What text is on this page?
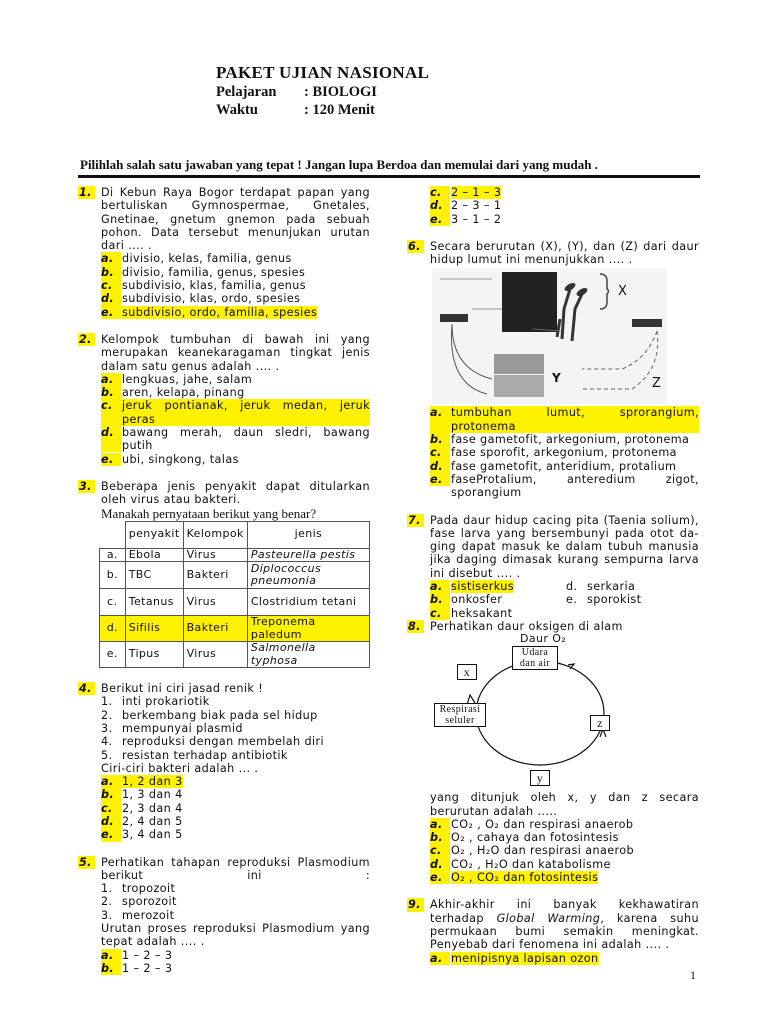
PAKET UJIAN NASIONAL
Pelajaran : BIOLOGI
Waktu	: 120 Menit
Pilihlah salah satu jawaban yang tepat ! Jangan lupa Berdoa dan memulai dari yang mudah .
1. Di Kebun Raya Bogor terdapat papan yang bertuliskan Gymnospermae, Gnetales, Gnetinae, gnetum gnemon pada sebuah pohon. Data tersebut menunjukan urutan dari .... .
a. divisio, kelas, familia, genus
b. divisio, familia, genus, spesies
c. subdivisio, klas, familia, genus
d. subdivisio, klas, ordo, spesies
e. subdivisio, ordo, familia, spesies
2. Kelompok tumbuhan di bawah ini yang merupakan keanekaragaman tingkat jenis dalam satu genus adalah .... .
a. lengkuas, jahe, salam
b. aren, kelapa, pinang
c. jeruk pontianak, jeruk medan, jeruk peras
d. bawang merah, daun sledri, bawang putih
e. ubi, singkong, talas
3. Beberapa jenis penyakit dapat ditularkan oleh virus atau bakteri.
Manakah pernyataan berikut yang benar?
	penyakit	Kelompok	jenis
a.	Ebola	Virus	Pasteurella pestis
b.	TBC	Bakteri	Diplococcus pneumonia
c.	Tetanus	Virus	Clostridium tetani
d.	Sifilis	Bakteri	Treponema paledum
e.	Tipus	Virus	Salmonella typhosa
4. Berikut ini ciri jasad renik !
1. inti prokariotik
2. berkembang biak pada sel hidup
3. mempunyai plasmid
4. reproduksi dengan membelah diri
5. resistan terhadap antibiotik
Ciri-ciri bakteri adalah ... .
a. 1, 2 dan 3
b. 1, 3 dan 4
c. 2, 3 dan 4
d. 2, 4 dan 5
e. 3, 4 dan 5
5. Perhatikan tahapan reproduksi Plasmodium berikut ini :
1. tropozoit
2. sporozoit
3. merozoit
Urutan proses reproduksi Plasmodium yang tepat adalah .... .
a. 1 – 2 – 3
b. 1 – 2 – 3
c. 2 – 1 – 3
d. 2 – 3 – 1
e. 3 – 1 – 2
6. Secara berurutan (X), (Y), dan (Z) dari daur hidup lumut ini menunjukkan .... .
X
Y	Z
a. tumbuhan lumut, sprorangium, protonema
b. fase gametofit, arkegonium, protonema
c. fase sporofit, arkegonium, protonema
d. fase gametofit, anteridium, protalium
e. faseProtalium, anteredium zigot, sporangium
7. Pada daur hidup cacing pita (Taenia solium), fase larva yang bersembunyi pada otot da-ging dapat masuk ke dalam tubuh manusia jika daging dimasak kurang sempurna larva ini disebut .... .
a. sistiserkus	d. serkaria
b. onkosfer	e. sporokist
c. heksakant
8. Perhatikan daur oksigen di alam
Daur O₂
Udara dan air
x
Respirasi seluler	z
y
yang ditunjuk oleh x, y dan z secara berurutan adalah .....
a. CO₂ , O₂ dan respirasi anaerob
b. O₂ , cahaya dan fotosintesis
c. O₂ , H₂O dan respirasi anaerob
d. CO₂ , H₂O dan katabolisme
e. O₂ , CO₂ dan fotosintesis
9. Akhir-akhir ini banyak kekhawatiran terhadap Global Warming, karena suhu permukaan bumi semakin meningkat. Penyebab dari fenomena ini adalah .... .
a. menipisnya lapisan ozon
1
